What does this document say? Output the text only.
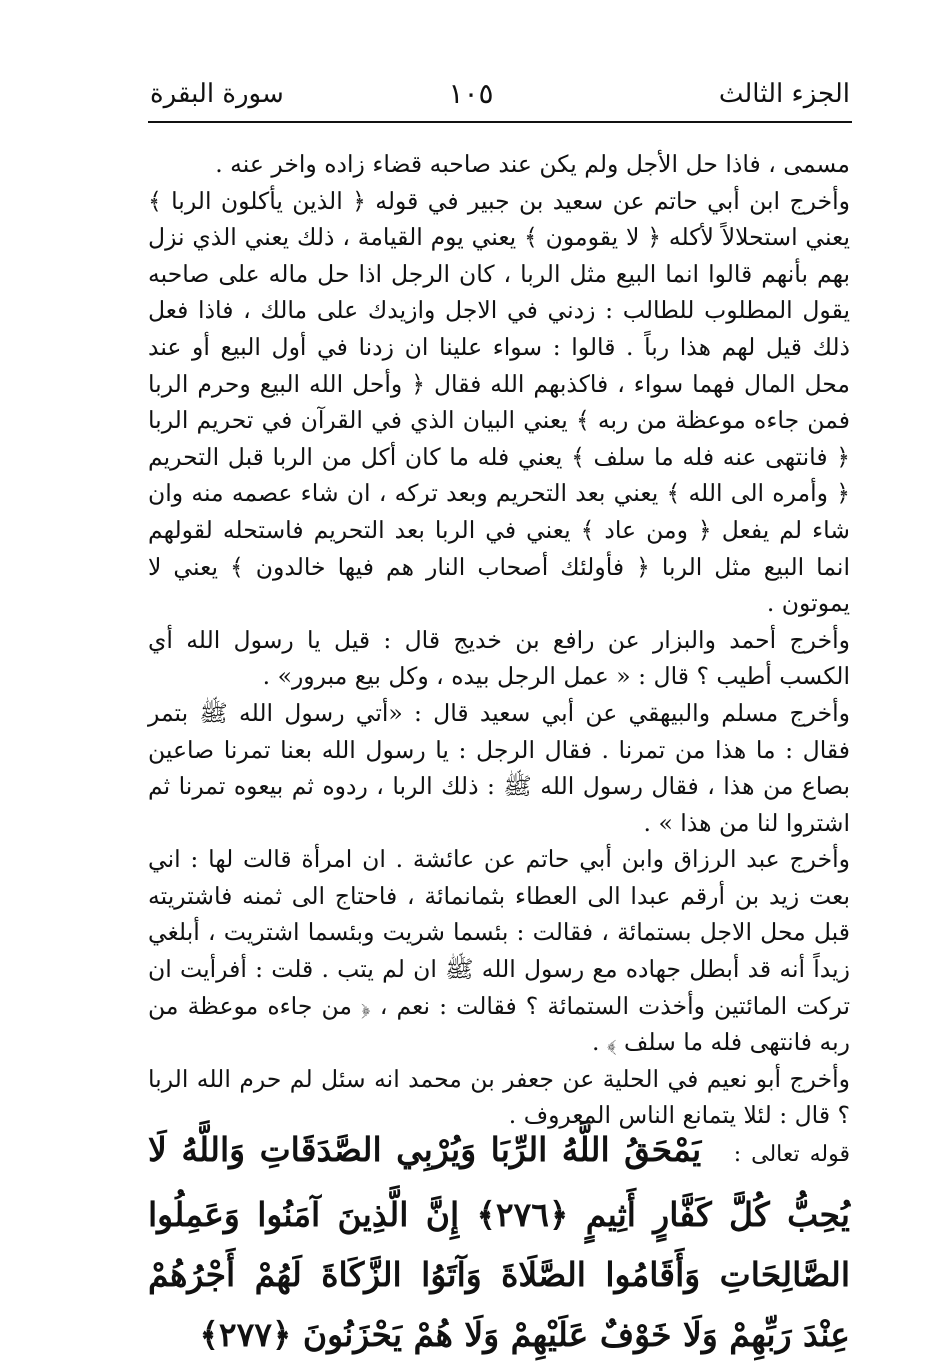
الجزء الثالث
١٠٥
سورة البقرة

مسمى ، فاذا حل الأجل ولم يكن عند صاحبه قضاء زاده واخر عنه .

وأخرج ابن أبي حاتم عن سعيد بن جبير في قوله ﴿ الذين يأكلون الربا ﴾ يعني استحلالاً لأكله ﴿ لا يقومون ﴾ يعني يوم القيامة ، ذلك يعني الذي نزل بهم بأنهم قالوا انما البيع مثل الربا ، كان الرجل اذا حل ماله على صاحبه يقول المطلوب للطالب : زدني في الاجل وازيدك على مالك ، فاذا فعل ذلك قيل لهم هذا رباً . قالوا : سواء علينا ان زدنا في أول البيع أو عند محل المال فهما سواء ، فاكذبهم الله فقال ﴿ وأحل الله البيع وحرم الربا فمن جاءه موعظة من ربه ﴾ يعني البيان الذي في القرآن في تحريم الربا ﴿ فانتهى عنه فله ما سلف ﴾ يعني فله ما كان أكل من الربا قبل التحريم ﴿ وأمره الى الله ﴾ يعني بعد التحريم وبعد تركه ، ان شاء عصمه منه وان شاء لم يفعل ﴿ ومن عاد ﴾ يعني في الربا بعد التحريم فاستحله لقولهم انما البيع مثل الربا ﴿ فأولئك أصحاب النار هم فيها خالدون ﴾ يعني لا يموتون .

وأخرج أحمد والبزار عن رافع بن خديج قال : قيل يا رسول الله أي الكسب أطيب ؟ قال : « عمل الرجل بيده ، وكل بيع مبرور» .

وأخرج مسلم والبيهقي عن أبي سعيد قال : «أتي رسول الله ﷺ بتمر فقال : ما هذا من تمرنا . فقال الرجل : يا رسول الله بعنا تمرنا صاعين بصاع من هذا ، فقال رسول الله ﷺ : ذلك الربا ، ردوه ثم بيعوه تمرنا ثم اشتروا لنا من هذا » .

وأخرج عبد الرزاق وابن أبي حاتم عن عائشة . ان امرأة قالت لها : اني بعت زيد بن أرقم عبدا الى العطاء بثمانمائة ، فاحتاج الى ثمنه فاشتريته قبل محل الاجل بستمائة ، فقالت : بئسما شريت وبئسما اشتريت ، أبلغي زيداً أنه قد أبطل جهاده مع رسول الله ﷺ ان لم يتب . قلت : أفرأيت ان تركت المائتين وأخذت الستمائة ؟ فقالت : نعم ، ﴿ من جاءه موعظة من ربه فانتهى فله ما سلف ﴾ .

وأخرج أبو نعيم في الحلية عن جعفر بن محمد انه سئل لم حرم الله الربا ؟ قال : لئلا يتمانع الناس المعروف .

قوله تعالى : يَمْحَقُ اللَّهُ الرِّبَا وَيُرْبِي الصَّدَقَاتِ وَاللَّهُ لَا يُحِبُّ كُلَّ كَفَّارٍ أَثِيمٍ ﴿٢٧٦﴾ إِنَّ الَّذِينَ آمَنُوا وَعَمِلُوا الصَّالِحَاتِ وَأَقَامُوا الصَّلَاةَ وَآتَوُا الزَّكَاةَ لَهُمْ أَجْرُهُمْ عِنْدَ رَبِّهِمْ وَلَا خَوْفٌ عَلَيْهِمْ وَلَا هُمْ يَحْزَنُونَ ﴿٢٧٧﴾
